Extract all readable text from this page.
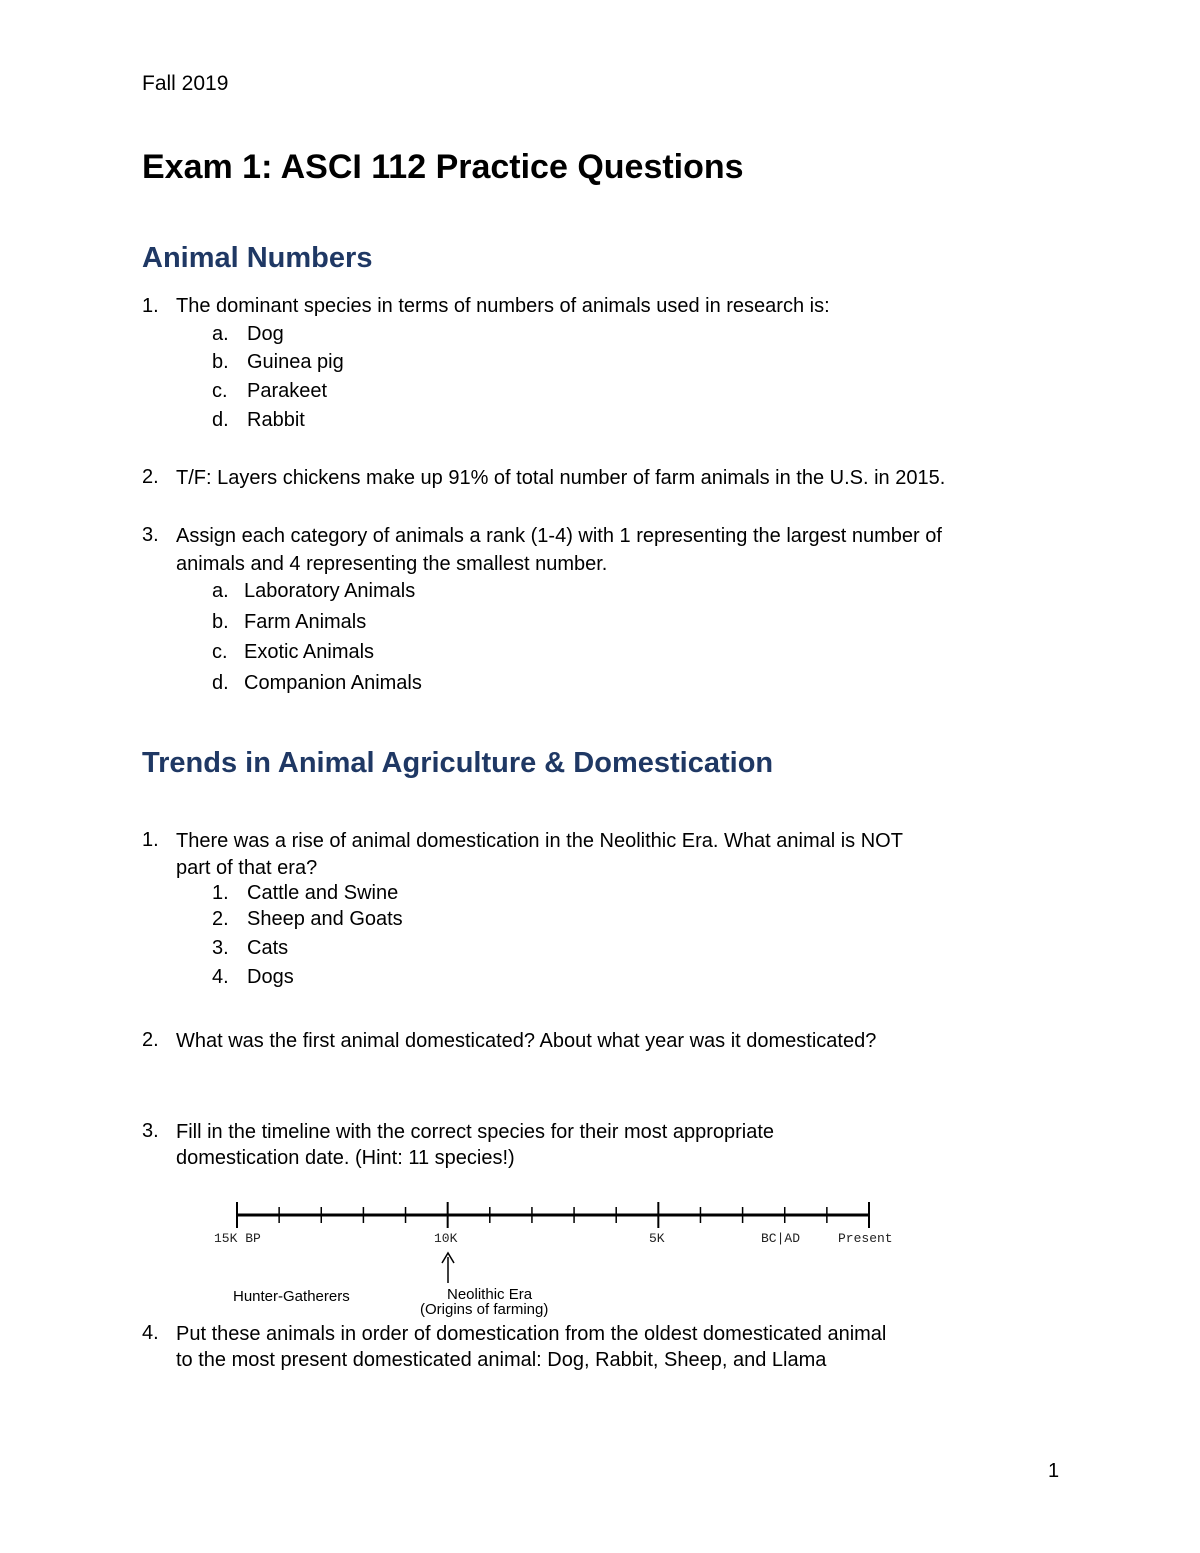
Fall 2019
Exam 1: ASCI 112 Practice Questions
Animal Numbers
1. The dominant species in terms of numbers of animals used in research is:
a. Dog
b. Guinea pig
c. Parakeet
d. Rabbit
2. T/F: Layers chickens make up 91% of total number of farm animals in the U.S. in 2015.
3. Assign each category of animals a rank (1-4) with 1 representing the largest number of
animals and 4 representing the smallest number.
a. Laboratory Animals
b. Farm Animals
c. Exotic Animals
d. Companion Animals
Trends in Animal Agriculture & Domestication
1. There was a rise of animal domestication in the Neolithic Era. What animal is NOT
part of that era?
1. Cattle and Swine
2. Sheep and Goats
3. Cats
4. Dogs
2. What was the first animal domesticated? About what year was it domesticated?
3. Fill in the timeline with the correct species for their most appropriate
domestication date. (Hint: 11 species!)
15K BP	10K	5K	BC|AD	Present
Hunter-Gatherers	Neolithic Era
(Origins of farming)
4. Put these animals in order of domestication from the oldest domesticated animal
to the most present domesticated animal: Dog, Rabbit, Sheep, and Llama
1
